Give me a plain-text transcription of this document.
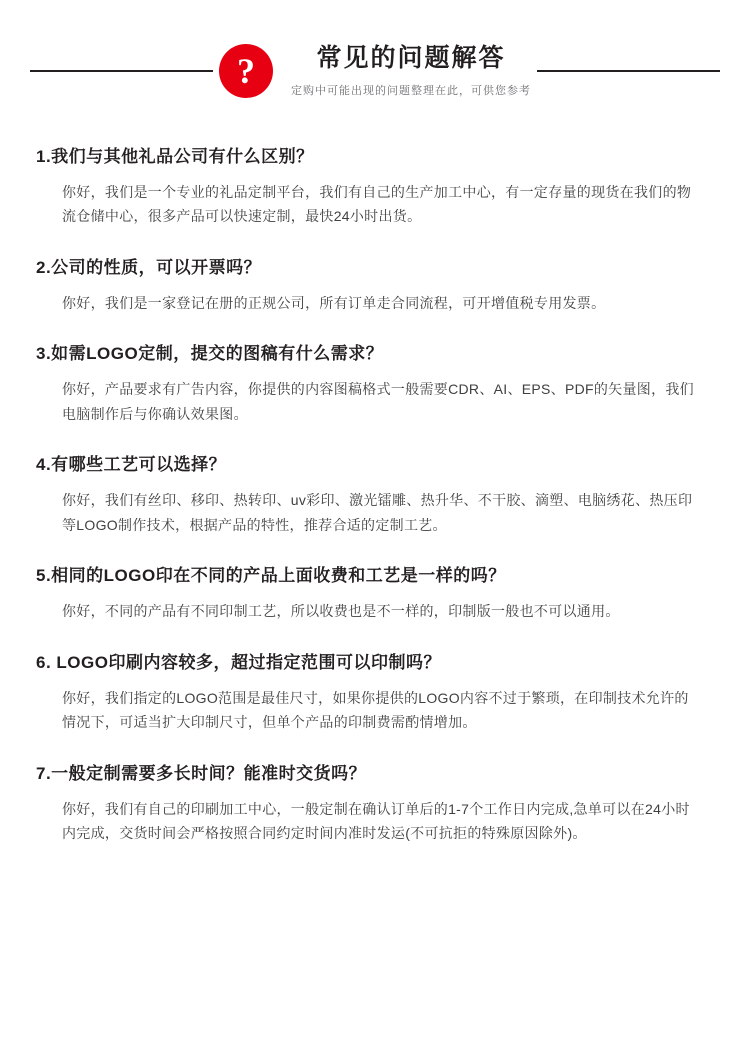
?	常见的问题解答
定购中可能出现的问题整理在此，可供您参考
1.我们与其他礼品公司有什么区别？
你好，我们是一个专业的礼品定制平台，我们有自己的生产加工中心，有一定存量的现货在我们的物流仓储中心，很多产品可以快速定制，最快24小时出货。
2.公司的性质，可以开票吗？
你好，我们是一家登记在册的正规公司，所有订单走合同流程，可开增值税专用发票。
3.如需LOGO定制，提交的图稿有什么需求？
你好，产品要求有广告内容，你提供的内容图稿格式一般需要CDR、AI、EPS、PDF的矢量图，我们电脑制作后与你确认效果图。
4.有哪些工艺可以选择？
你好，我们有丝印、移印、热转印、uv彩印、激光镭雕、热升华、不干胶、滴塑、电脑绣花、热压印等LOGO制作技术，根据产品的特性，推荐合适的定制工艺。
5.相同的LOGO印在不同的产品上面收费和工艺是一样的吗？
你好，不同的产品有不同印制工艺，所以收费也是不一样的，印制版一般也不可以通用。
6. LOGO印刷内容较多，超过指定范围可以印制吗？
你好，我们指定的LOGO范围是最佳尺寸，如果你提供的LOGO内容不过于繁琐，在印制技术允许的情况下，可适当扩大印制尺寸，但单个产品的印制费需酌情增加。
7.一般定制需要多长时间？能准时交货吗？
你好，我们有自己的印刷加工中心，一般定制在确认订单后的1-7个工作日内完成,急单可以在24小时内完成，交货时间会严格按照合同约定时间内准时发运(不可抗拒的特殊原因除外)。
